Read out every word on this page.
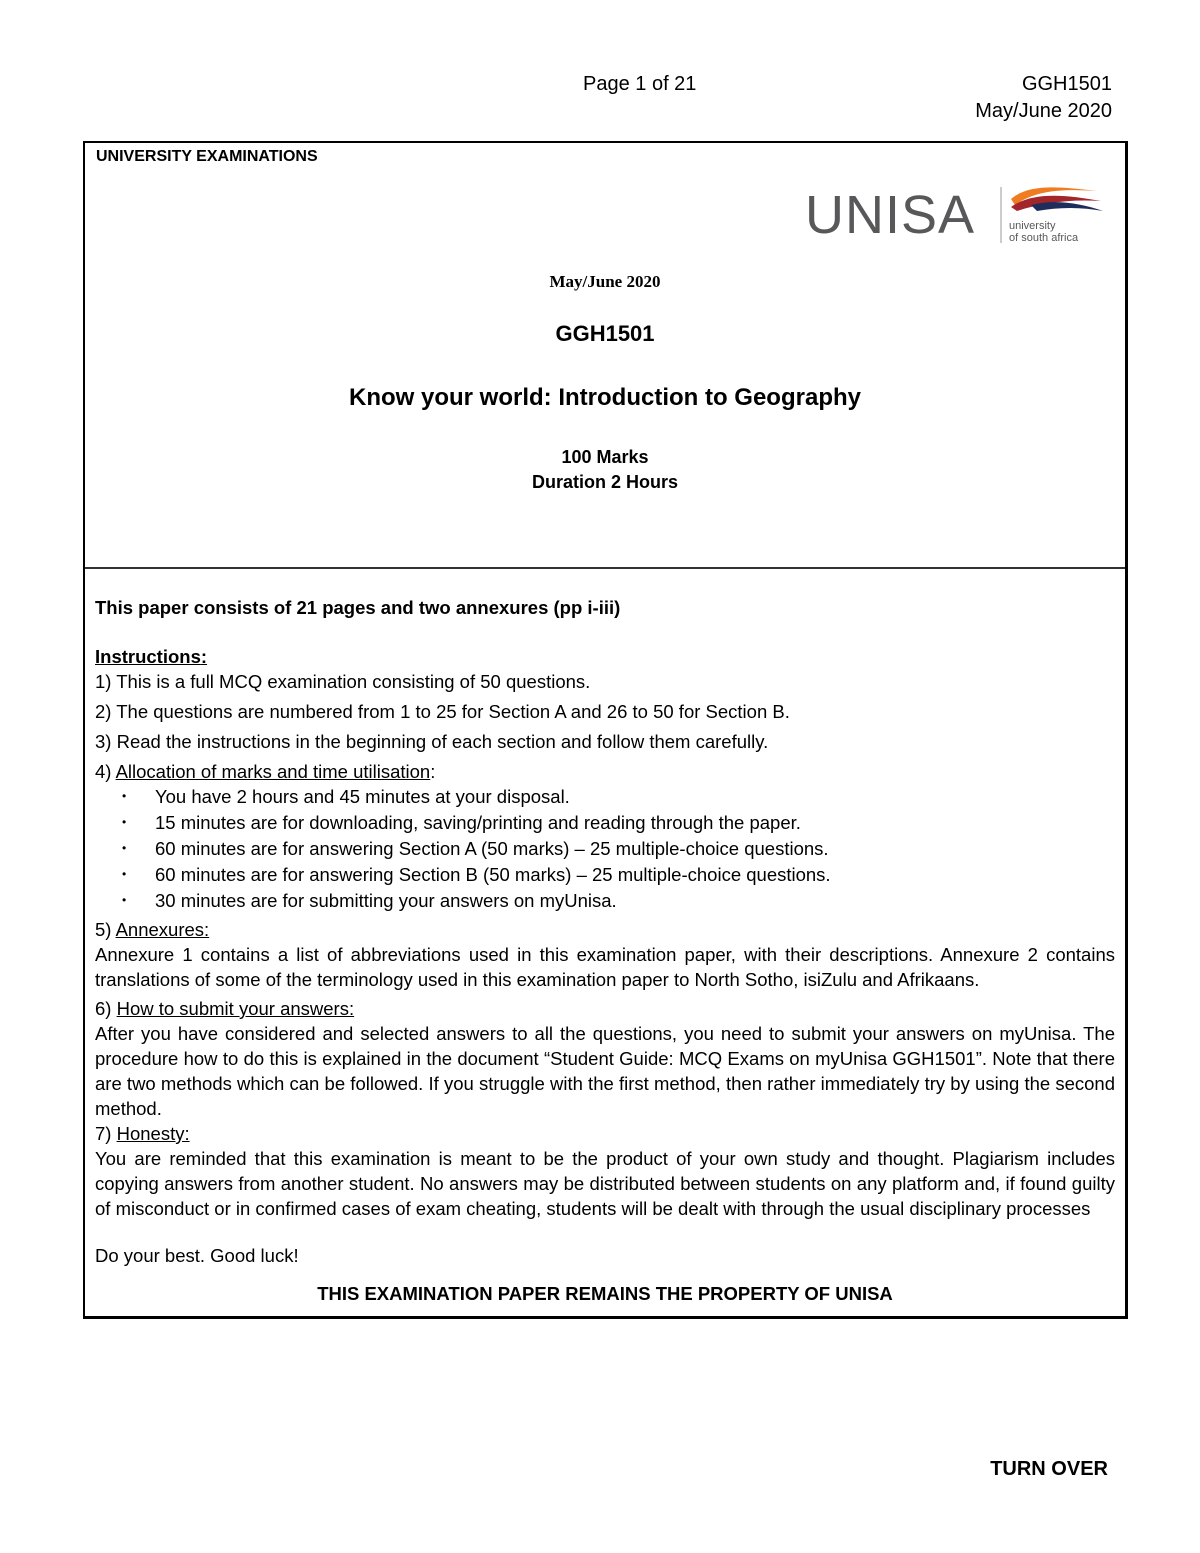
Page 1 of 21	GGH1501
May/June 2020
UNIVERSITY EXAMINATIONS
UNISA	university
of south africa
May/June 2020
GGH1501
Know your world: Introduction to Geography
100 Marks
Duration 2 Hours

This paper consists of 21 pages and two annexures (pp i-iii)

Instructions:

1) This is a full MCQ examination consisting of 50 questions.

2) The questions are numbered from 1 to 25 for Section A and 26 to 50 for Section B.

3) Read the instructions in the beginning of each section and follow them carefully.

4) Allocation of marks and time utilisation:

• You have 2 hours and 45 minutes at your disposal.
• 15 minutes are for downloading, saving/printing and reading through the paper.
• 60 minutes are for answering Section A (50 marks) – 25 multiple-choice questions.
• 60 minutes are for answering Section B (50 marks) – 25 multiple-choice questions.
• 30 minutes are for submitting your answers on myUnisa.

5) Annexures:

Annexure 1 contains a list of abbreviations used in this examination paper, with their descriptions. Annexure 2 contains translations of some of the terminology used in this examination paper to North Sotho, isiZulu and Afrikaans.

6) How to submit your answers:

After you have considered and selected answers to all the questions, you need to submit your answers on myUnisa. The procedure how to do this is explained in the document “Student Guide: MCQ Exams on myUnisa GGH1501”. Note that there are two methods which can be followed. If you struggle with the first method, then rather immediately try by using the second method.

7) Honesty:

You are reminded that this examination is meant to be the product of your own study and thought. Plagiarism includes copying answers from another student. No answers may be distributed between students on any platform and, if found guilty of misconduct or in confirmed cases of exam cheating, students will be dealt with through the usual disciplinary processes

Do your best. Good luck!

THIS EXAMINATION PAPER REMAINS THE PROPERTY OF UNISA

TURN OVER
